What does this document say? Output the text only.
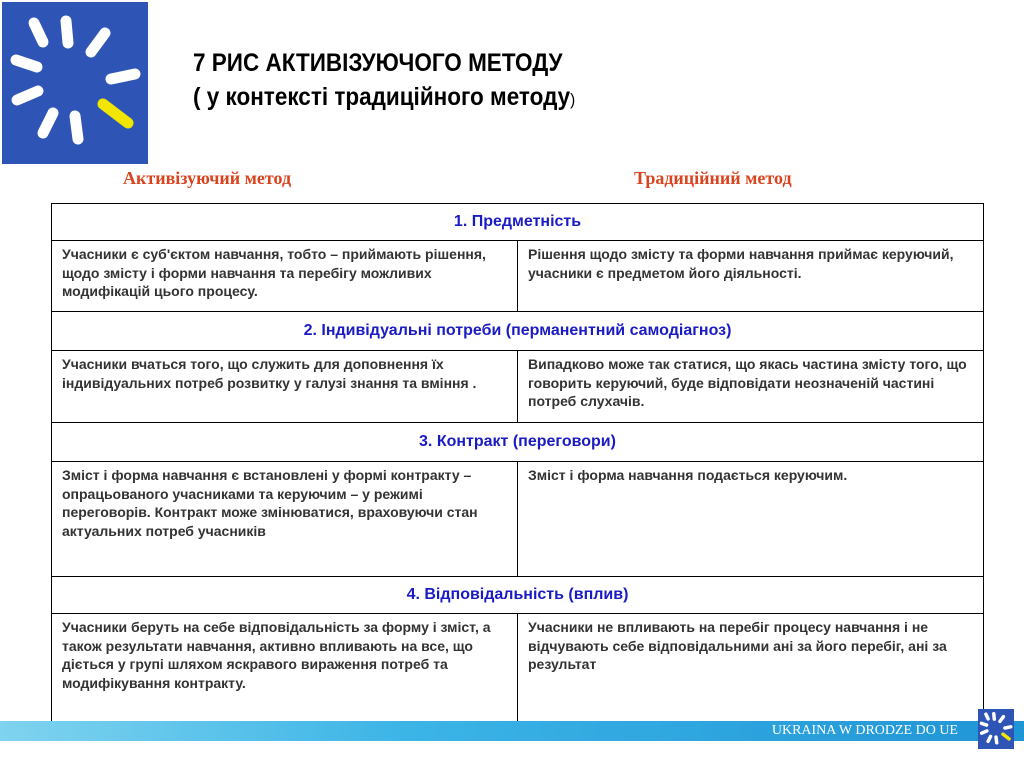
7 РИС АКТИВІЗУЮЧОГО МЕТОДУ
( у контексті традиційного методу)
Активізуючий метод	Традиційний метод
1. Предметність	
Учасники є суб'єктом навчання, тобто – приймають рішення, щодо змісту і форми навчання та перебігу можливих модифікацій цього процесу.	Рішення щодо змісту та форми навчання приймає керуючий, учасники є предметом його діяльності.
2. Індивідуальні потреби (перманентний самодіагноз)	
Учасники вчаться того, що служить для доповнення їх індивідуальних потреб розвитку у галузі знання та вміння .	Випадково може так статися, що якась частина змісту того, що говорить керуючий, буде відповідати неозначеній частині потреб слухачів.
3. Контракт (переговори)	
Зміст і форма навчання є встановлені у формі контракту – опрацьованого учасниками та керуючим – у режимі переговорів. Контракт може змінюватися, враховуючи стан актуальних потреб учасників	Зміст і форма навчання подається керуючим.
4. Відповідальність (вплив)	
Учасники беруть на себе відповідальність за форму і зміст, а також результати навчання, активно впливають на все, що діється у групі шляхом яскравого вираження потреб та модифікування контракту.	Учасники не впливають на перебіг процесу навчання і не відчувають себе відповідальними ані за його перебіг, ані за результат
UKRAINA W DRODZE DO UE
